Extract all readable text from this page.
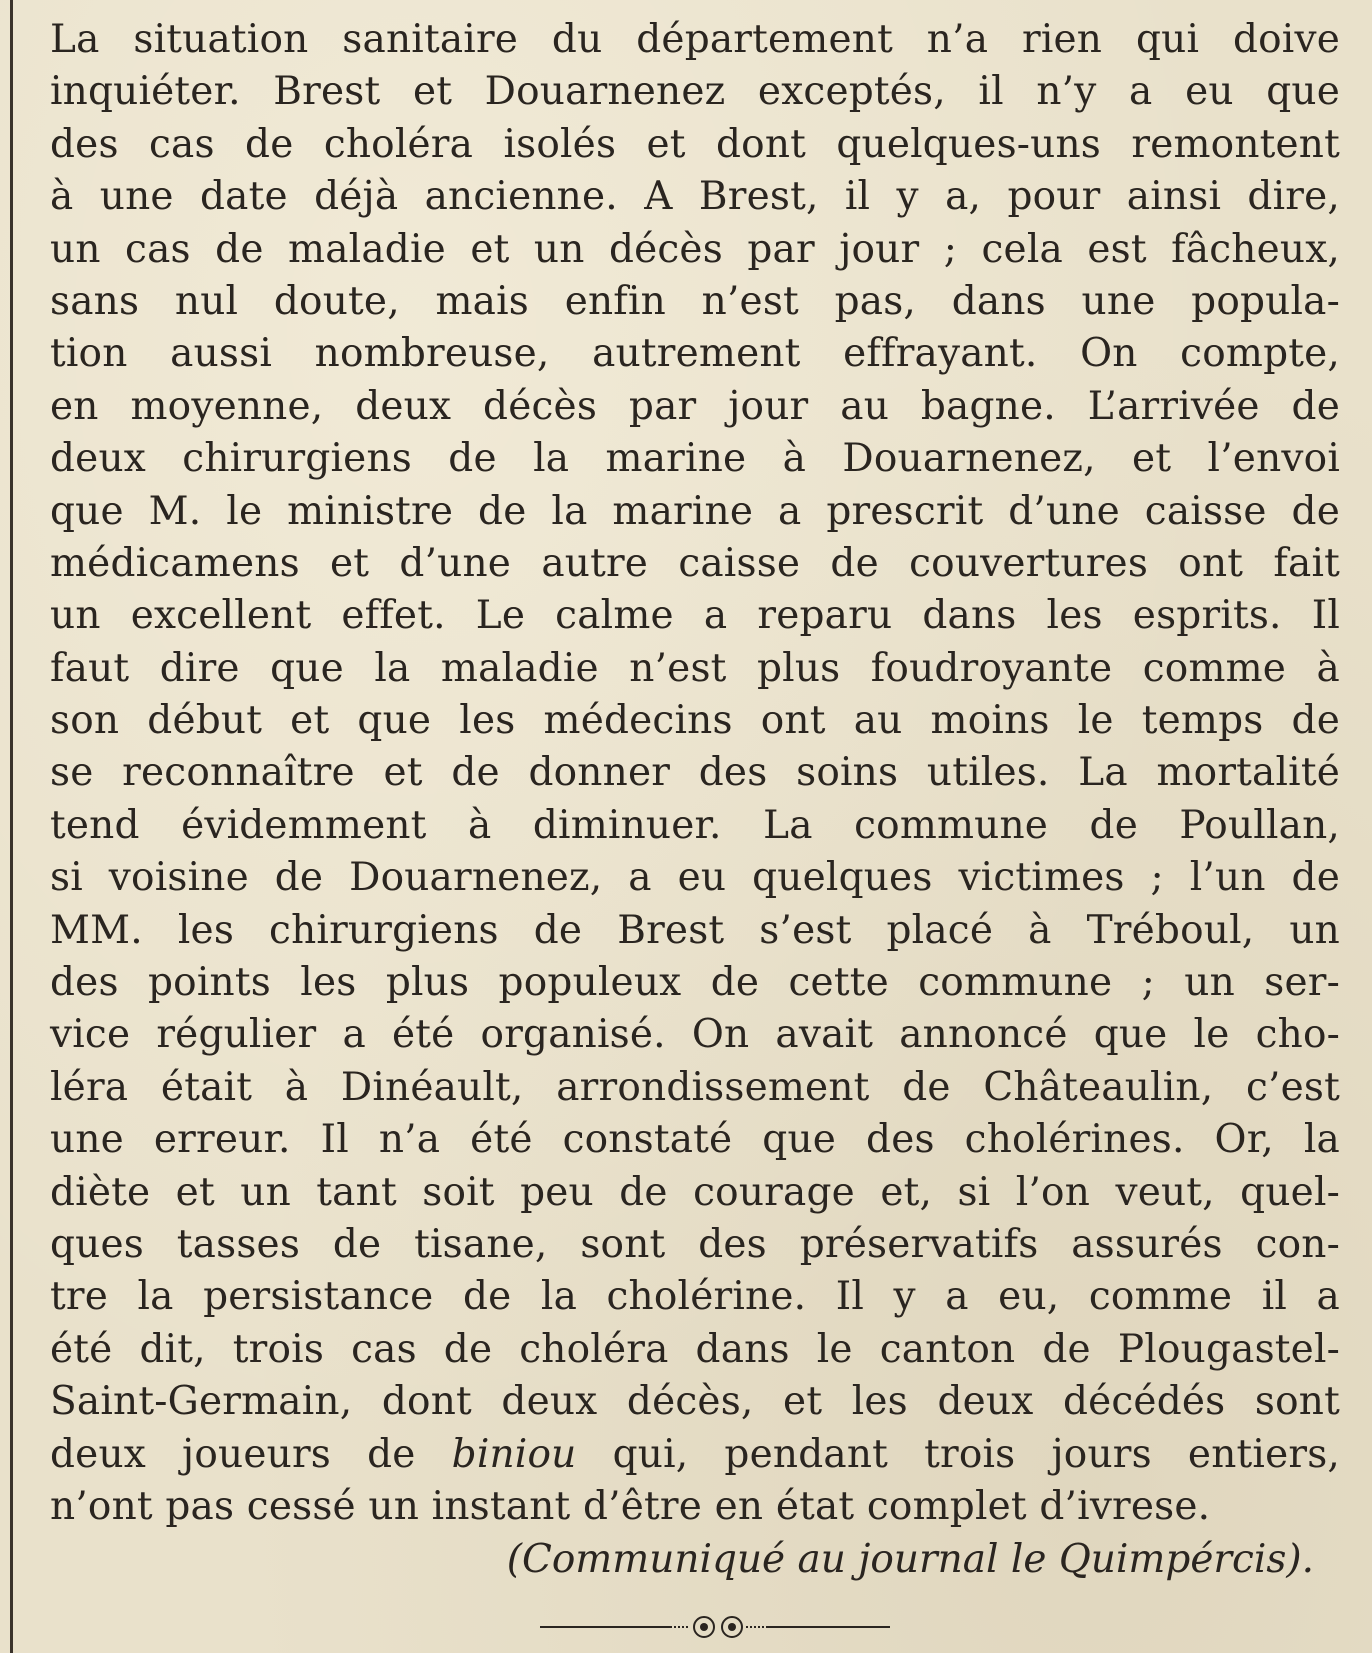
La situation sanitaire du département n’a rien qui doive
inquiéter. Brest et Douarnenez exceptés, il n’y a eu que
des cas de choléra isolés et dont quelques-uns remontent
à une date déjà ancienne. A Brest, il y a, pour ainsi dire,
un cas de maladie et un décès par jour ; cela est fâcheux,
sans nul doute, mais enfin n’est pas, dans une popula-
tion aussi nombreuse, autrement effrayant. On compte,
en moyenne, deux décès par jour au bagne. L’arrivée de
deux chirurgiens de la marine à Douarnenez, et l’envoi
que M. le ministre de la marine a prescrit d’une caisse de
médicamens et d’une autre caisse de couvertures ont fait
un excellent effet. Le calme a reparu dans les esprits. Il
faut dire que la maladie n’est plus foudroyante comme à
son début et que les médecins ont au moins le temps de
se reconnaître et de donner des soins utiles. La mortalité
tend évidemment à diminuer. La commune de Poullan,
si voisine de Douarnenez, a eu quelques victimes ; l’un de
MM. les chirurgiens de Brest s’est placé à Tréboul, un
des points les plus populeux de cette commune ; un ser-
vice régulier a été organisé. On avait annoncé que le cho-
léra était à Dinéault, arrondissement de Châteaulin, c’est
une erreur. Il n’a été constaté que des cholérines. Or, la
diète et un tant soit peu de courage et, si l’on veut, quel-
ques tasses de tisane, sont des préservatifs assurés con-
tre la persistance de la cholérine. Il y a eu, comme il a
été dit, trois cas de choléra dans le canton de Plougastel-
Saint-Germain, dont deux décès, et les deux décédés sont
deux joueurs de biniou qui, pendant trois jours entiers,
n’ont pas cessé un instant d’être en état complet d’ivrese.
(Communiqué au journal le Quimpércis).
